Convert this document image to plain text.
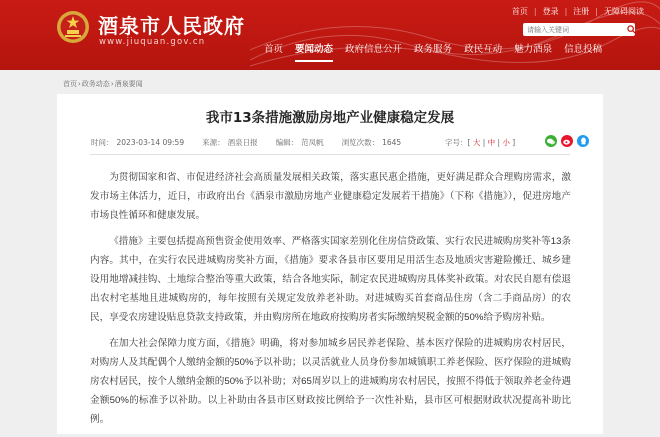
酒泉市人民政府
www.jiuquan.gov.cn
首页 | 登录 | 注册 | 无障碍阅读
请输入关键词
首页	要闻动态	政府信息公开	政务服务	政民互动	魅力酒泉	信息投稿
首页›政务动态›酒泉要闻
我市13条措施激励房地产业健康稳定发展
时间： 2023-03-14 09:59 来源： 酒泉日报 编辑： 范凤帆 浏览次数： 1645	字号：[ 大 | 中 | 小 ]

为贯彻国家和省、市促进经济社会高质量发展相关政策，落实惠民惠企措施，更好满足群众合理购房需求，激发市场主体活力，近日，市政府出台《酒泉市激励房地产业健康稳定发展若干措施》（下称《措施》），促进房地产市场良性循环和健康发展。

《措施》主要包括提高预售资金使用效率、严格落实国家差别化住房信贷政策、实行农民进城购房奖补等13条内容。其中，在实行农民进城购房奖补方面，《措施》要求各县市区要用足用活生态及地质灾害避险搬迁、城乡建设用地增减挂钩、土地综合整治等重大政策，结合各地实际，制定农民进城购房具体奖补政策。对农民自愿有偿退出农村宅基地且进城购房的，每年按照有关规定发放养老补助。对进城购买首套商品住房（含二手商品房）的农民，享受农房建设贴息贷款支持政策，并由购房所在地政府按购房者实际缴纳契税金额的50%给予购房补贴。

在加大社会保障力度方面，《措施》明确，将对参加城乡居民养老保险、基本医疗保险的进城购房农村居民，对购房人及其配偶个人缴纳金额的50%予以补助；以灵活就业人员身份参加城镇职工养老保险、医疗保险的进城购房农村居民，按个人缴纳金额的50%予以补助；对65周岁以上的进城购房农村居民，按照不得低于领取养老金待遇金额50%的标准予以补助。以上补助由各县市区财政按比例给予一次性补贴，县市区可根据财政状况提高补助比例。
